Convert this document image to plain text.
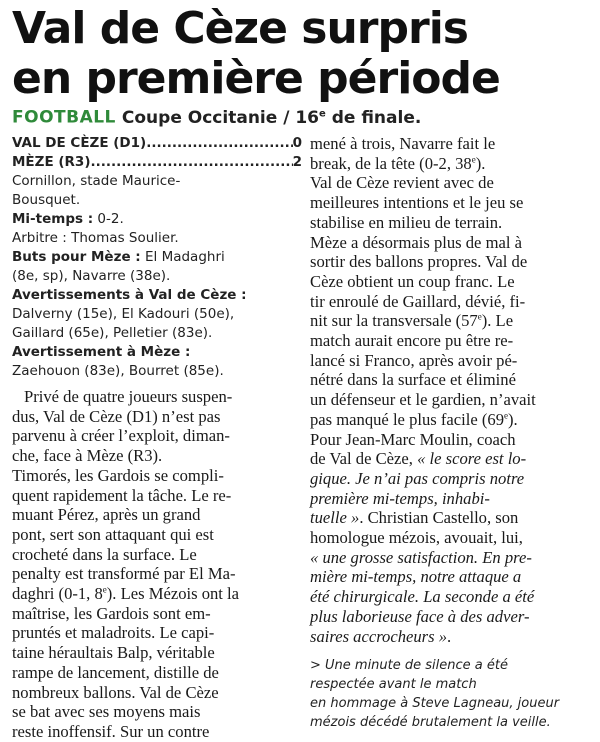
Val de Cèze surpris
en première période
FOOTBALL Coupe Occitanie / 16e de finale.
VAL DE CÈZE (D1) .....	0
MÈZE (R3) .....	2
Cornillon, stade Maurice-
Bousquet.
Mi-temps : 0-2.
Arbitre : Thomas Soulier.
Buts pour Mèze : El Madaghri
(8e, sp), Navarre (38e).
Avertissements à Val de Cèze :
Dalverny (15e), El Kadouri (50e),
Gaillard (65e), Pelletier (83e).
Avertissement à Mèze :
Zaehouon (83e), Bourret (85e).
Privé de quatre joueurs suspen-
dus, Val de Cèze (D1) n’est pas
parvenu à créer l’exploit, diman-
che, face à Mèze (R3).
Timorés, les Gardois se compli-
quent rapidement la tâche. Le re-
muant Pérez, après un grand
pont, sert son attaquant qui est
crocheté dans la surface. Le
penalty est transformé par El Ma-
daghri (0-1, 8e). Les Mézois ont la
maîtrise, les Gardois sont em-
pruntés et maladroits. Le capi-
taine héraultais Balp, véritable
rampe de lancement, distille de
nombreux ballons. Val de Cèze
se bat avec ses moyens mais
reste inoffensif. Sur un contre
mené à trois, Navarre fait le
break, de la tête (0-2, 38e).
Val de Cèze revient avec de
meilleures intentions et le jeu se
stabilise en milieu de terrain.
Mèze a désormais plus de mal à
sortir des ballons propres. Val de
Cèze obtient un coup franc. Le
tir enroulé de Gaillard, dévié, fi-
nit sur la transversale (57e). Le
match aurait encore pu être re-
lancé si Franco, après avoir pé-
nétré dans la surface et éliminé
un défenseur et le gardien, n’avait
pas manqué le plus facile (69e).
Pour Jean-Marc Moulin, coach
de Val de Cèze, « le score est lo-
gique. Je n’ai pas compris notre
première mi-temps, inhabi-
tuelle ». Christian Castello, son
homologue mézois, avouait, lui,
« une grosse satisfaction. En pre-
mière mi-temps, notre attaque a
été chirurgicale. La seconde a été
plus laborieuse face à des adver-
saires accrocheurs ».
> Une minute de silence a été
respectée avant le match
en hommage à Steve Lagneau, joueur
mézois décédé brutalement la veille.
